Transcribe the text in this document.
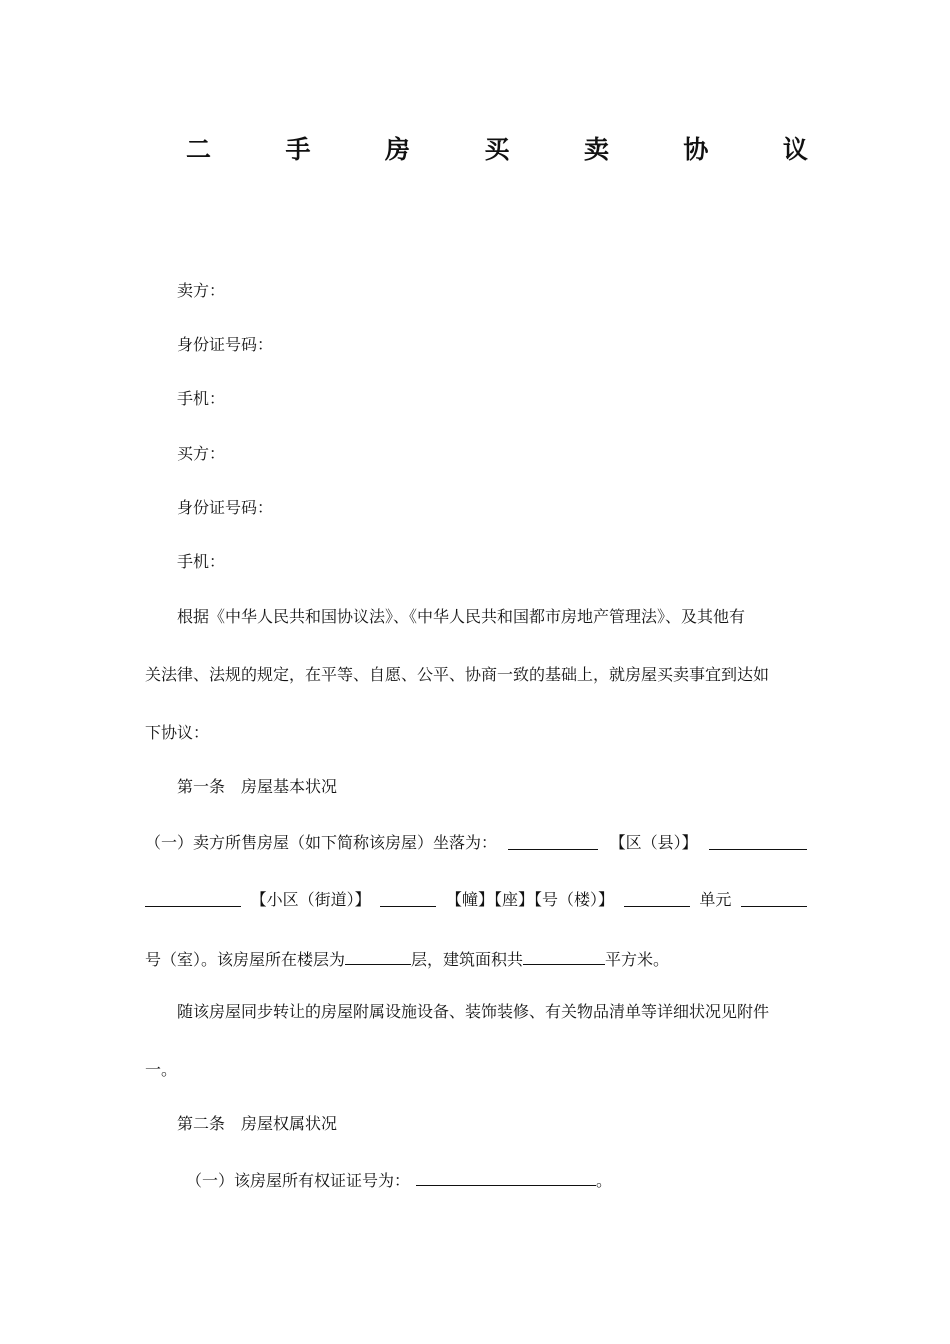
二	手	房	买	卖	协	议
卖方：
身份证号码：
手机：
买方：
身份证号码：
手机：
根据《中华人民共和国协议法》、《中华人民共和国都市房地产管理法》、及其他有
关法律、法规的规定，在平等、自愿、公平、协商一致的基础上，就房屋买卖事宜到达如
下协议：
第一条　房屋基本状况
（一）卖方所售房屋（如下简称该房屋）坐落为：	【区（县）】
【小区（街道）】	【幢】【座】【号（楼）】	单元
号（室）。该房屋所在楼层为	层，建筑面积共	平方米。
随该房屋同步转让的房屋附属设施设备、装饰装修、有关物品清单等详细状况见附件
一。
第二条　房屋权属状况
（一）该房屋所有权证证号为：	。
